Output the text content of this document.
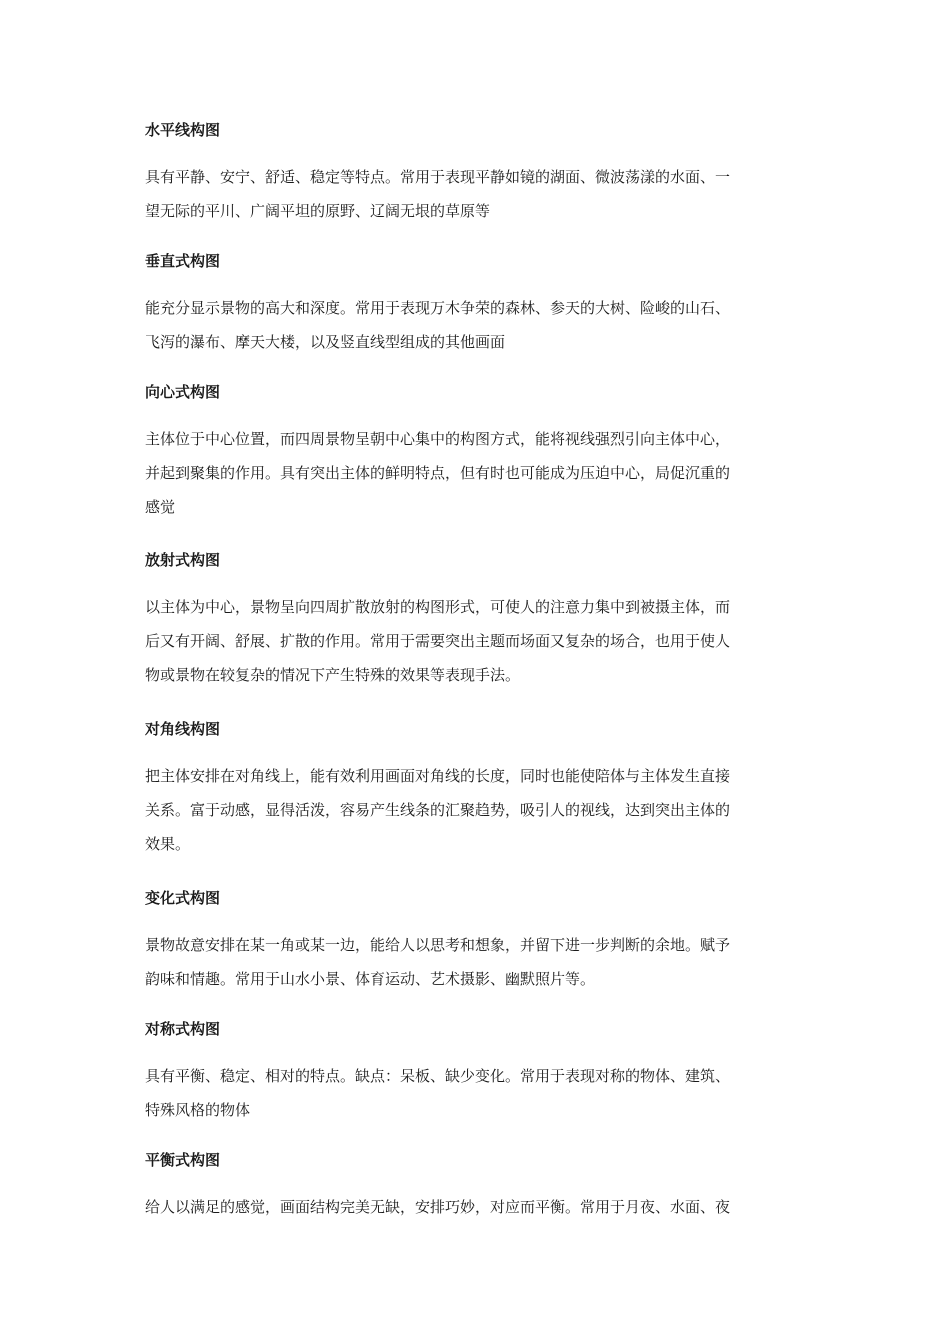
水平线构图
具有平静、安宁、舒适、稳定等特点。常用于表现平静如镜的湖面、微波荡漾的水面、一
望无际的平川、广阔平坦的原野、辽阔无垠的草原等
垂直式构图
能充分显示景物的高大和深度。常用于表现万木争荣的森林、参天的大树、险峻的山石、
飞泻的瀑布、摩天大楼，以及竖直线型组成的其他画面
向心式构图
主体位于中心位置，而四周景物呈朝中心集中的构图方式，能将视线强烈引向主体中心，
并起到聚集的作用。具有突出主体的鲜明特点，但有时也可能成为压迫中心，局促沉重的
感觉
放射式构图
以主体为中心，景物呈向四周扩散放射的构图形式，可使人的注意力集中到被摄主体，而
后又有开阔、舒展、扩散的作用。常用于需要突出主题而场面又复杂的场合，也用于使人
物或景物在较复杂的情况下产生特殊的效果等表现手法。
对角线构图
把主体安排在对角线上，能有效利用画面对角线的长度，同时也能使陪体与主体发生直接
关系。富于动感，显得活泼，容易产生线条的汇聚趋势，吸引人的视线，达到突出主体的
效果。
变化式构图
景物故意安排在某一角或某一边，能给人以思考和想象，并留下进一步判断的余地。赋予
韵味和情趣。常用于山水小景、体育运动、艺术摄影、幽默照片等。
对称式构图
具有平衡、稳定、相对的特点。缺点：呆板、缺少变化。常用于表现对称的物体、建筑、
特殊风格的物体
平衡式构图
给人以满足的感觉，画面结构完美无缺，安排巧妙，对应而平衡。常用于月夜、水面、夜
